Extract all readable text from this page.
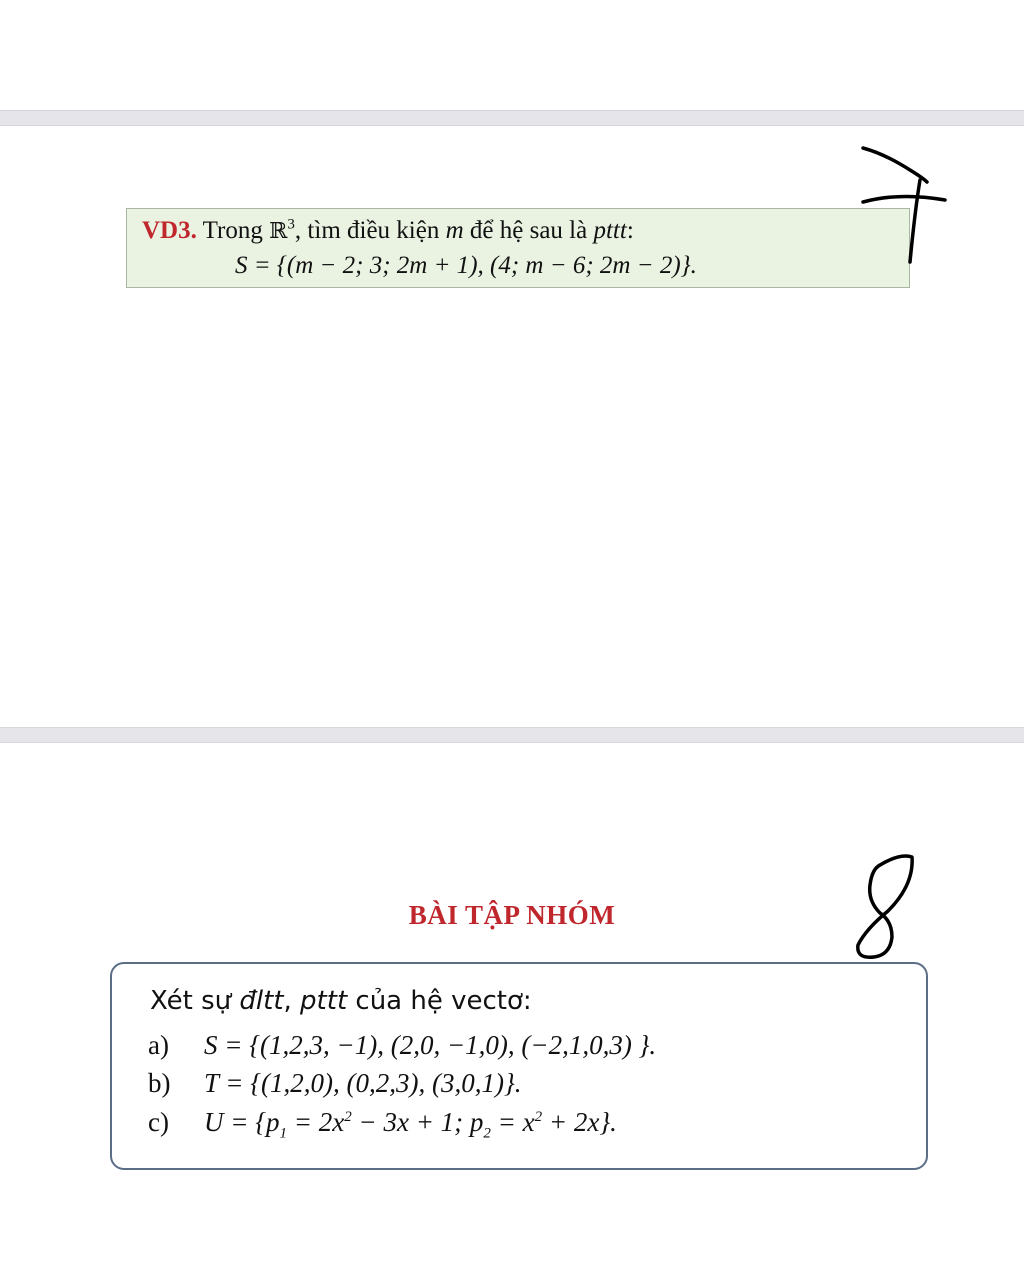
VD3. Trong ℝ$^3$, tìm điều kiện m để hệ sau là pttt:
S = {(m − 2; 3; 2m + 1), (4; m − 6; 2m − 2)}.
BÀI TẬP NHÓM
Xét sự đltt, pttt của hệ vectơ:
a) S = {(1,2,3, −1), (2,0, −1,0), (−2,1,0,3) }.
b) T = {(1,2,0), (0,2,3), (3,0,1)}.
c) $U = \{p_1 = 2x^2 - 3x + 1$; $p_2 = x^2 + 2x$}.
